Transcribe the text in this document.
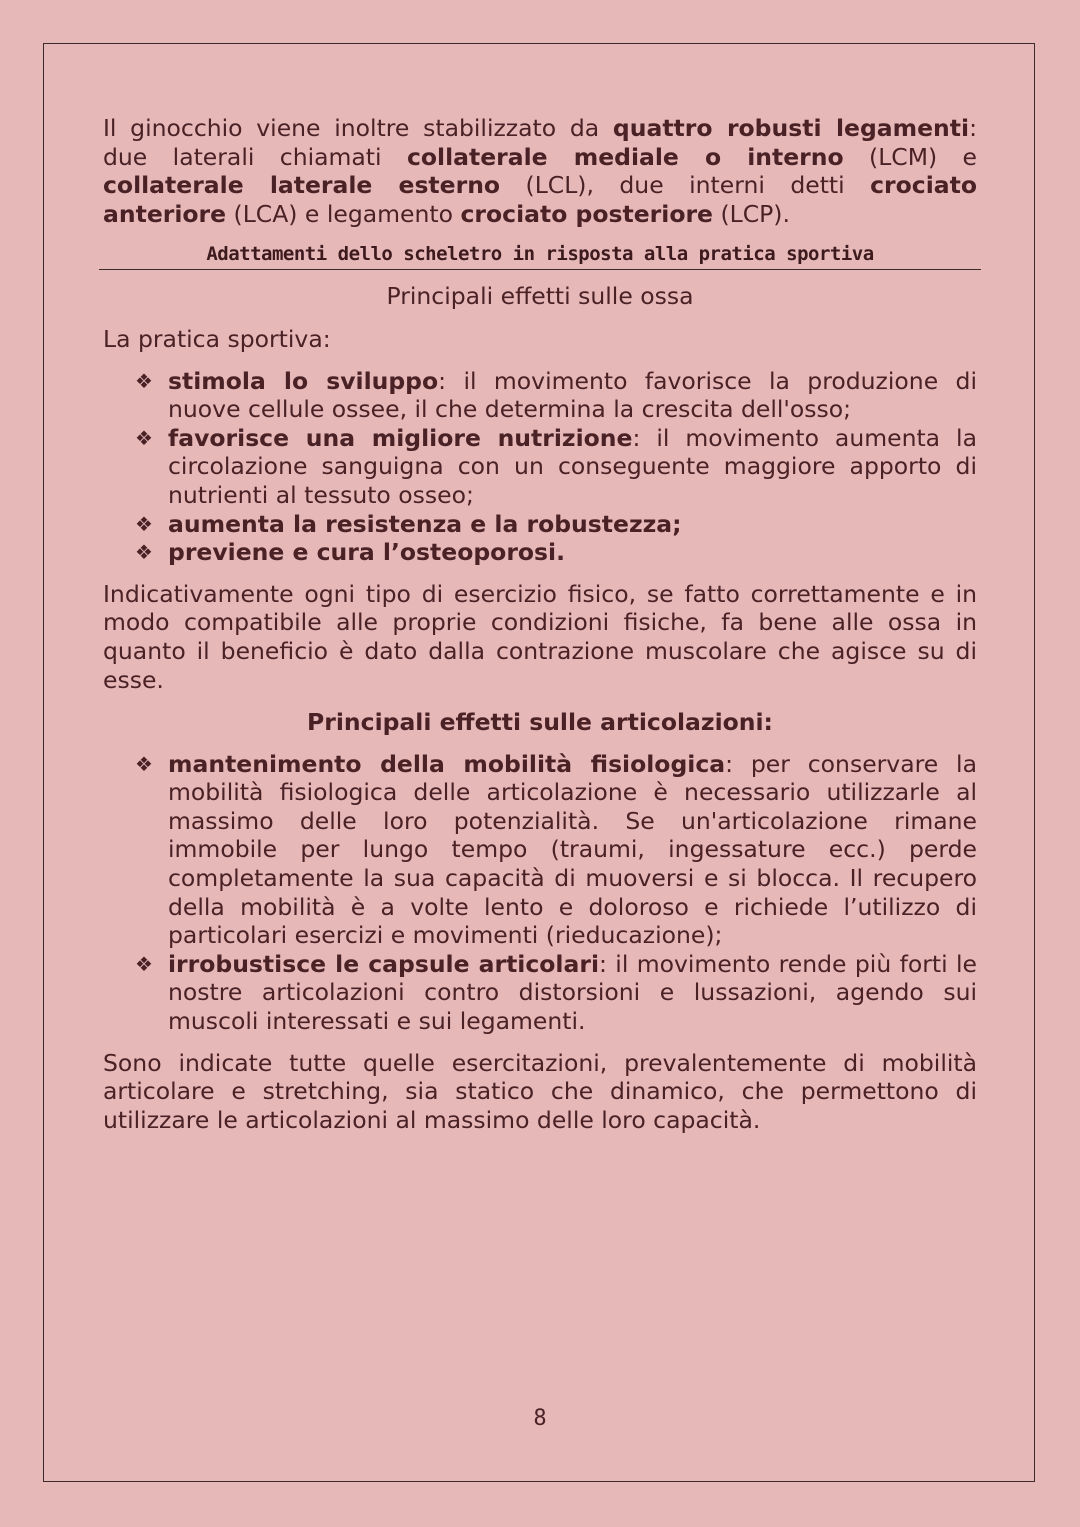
Il ginocchio viene inoltre stabilizzato da quattro robusti legamenti: due laterali chiamati collaterale mediale o interno (LCM) e collaterale laterale esterno (LCL), due interni detti crociato anteriore (LCA) e legamento crociato posteriore (LCP).

Adattamenti dello scheletro in risposta alla pratica sportiva
Principali effetti sulle ossa

La pratica sportiva:

❖ stimola lo sviluppo: il movimento favorisce la produzione di nuove cellule ossee, il che determina la crescita dell'osso;
❖ favorisce una migliore nutrizione: il movimento aumenta la circolazione sanguigna con un conseguente maggiore apporto di nutrienti al tessuto osseo;
❖ aumenta la resistenza e la robustezza;
❖ previene e cura l’osteoporosi.

Indicativamente ogni tipo di esercizio fisico, se fatto correttamente e in modo compatibile alle proprie condizioni fisiche, fa bene alle ossa in quanto il beneficio è dato dalla contrazione muscolare che agisce su di esse.

Principali effetti sulle articolazioni:
❖ mantenimento della mobilità fisiologica: per conservare la mobilità fisiologica delle articolazione è necessario utilizzarle al massimo delle loro potenzialità. Se un'articolazione rimane immobile per lungo tempo (traumi, ingessature ecc.) perde completamente la sua capacità di muoversi e si blocca. Il recupero della mobilità è a volte lento e doloroso e richiede l’utilizzo di particolari esercizi e movimenti (rieducazione);
❖ irrobustisce le capsule articolari: il movimento rende più forti le nostre articolazioni contro distorsioni e lussazioni, agendo sui muscoli interessati e sui legamenti.

Sono indicate tutte quelle esercitazioni, prevalentemente di mobilità articolare e stretching, sia statico che dinamico, che permettono di utilizzare le articolazioni al massimo delle loro capacità.

8
